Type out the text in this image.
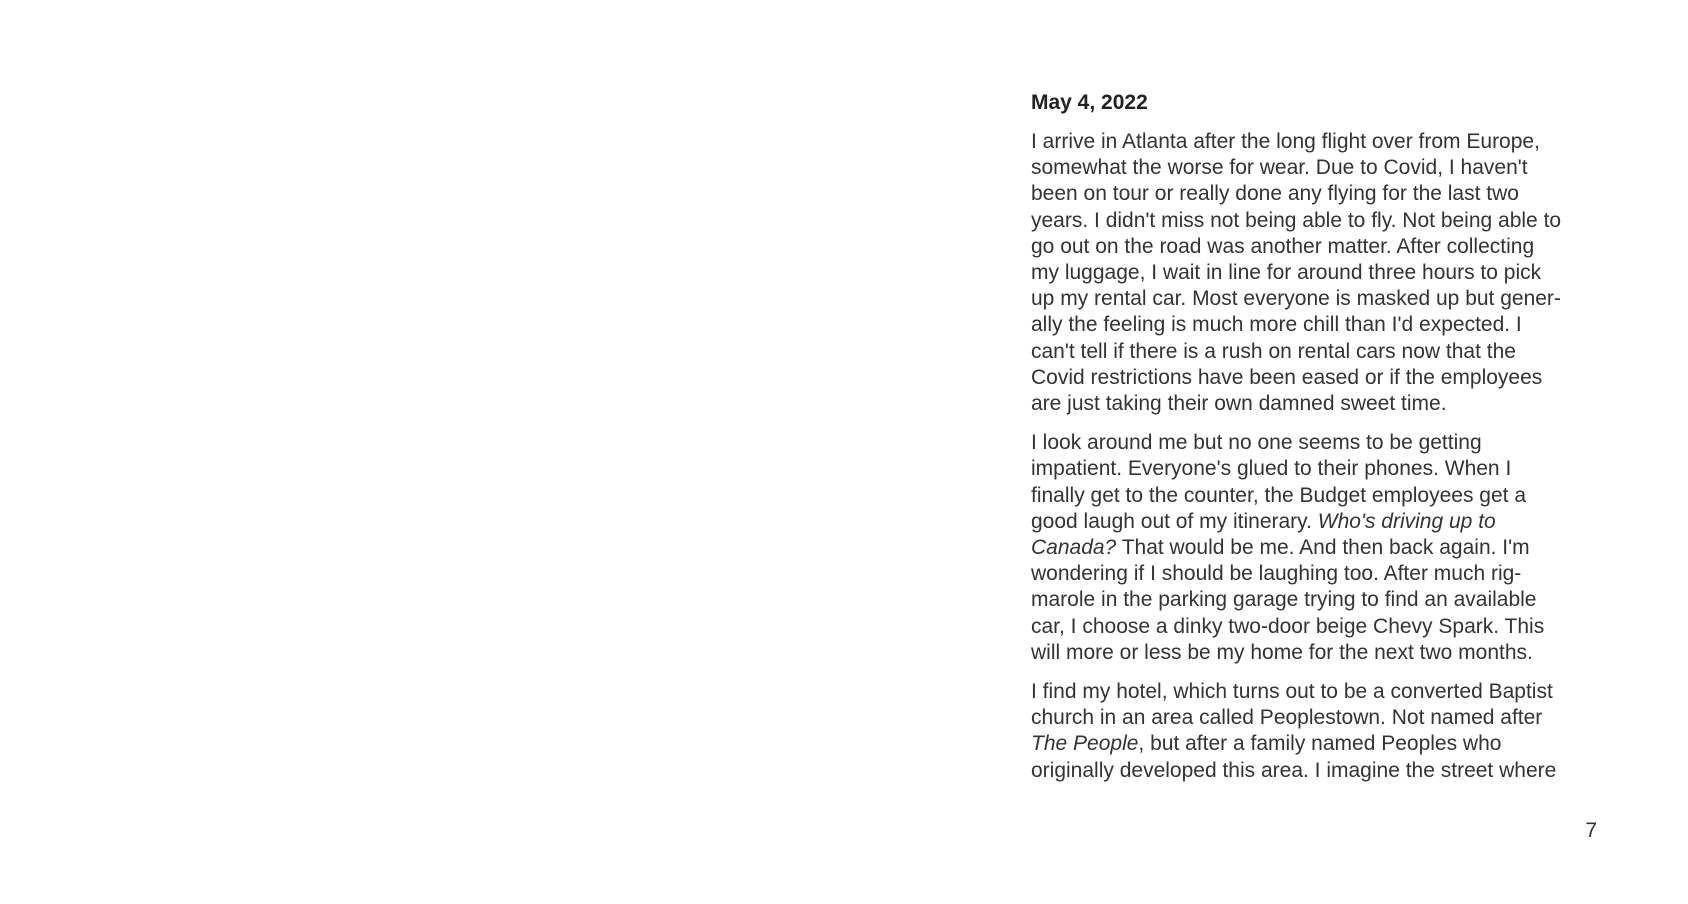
May 4, 2022

I arrive in Atlanta after the long flight over from Europe,
somewhat the worse for wear. Due to Covid, I haven't
been on tour or really done any flying for the last two
years. I didn't miss not being able to fly. Not being able to
go out on the road was another matter. After collecting
my luggage, I wait in line for around three hours to pick
up my rental car. Most everyone is masked up but gener-
ally the feeling is much more chill than I'd expected. I
can't tell if there is a rush on rental cars now that the
Covid restrictions have been eased or if the employees
are just taking their own damned sweet time.

I look around me but no one seems to be getting
impatient. Everyone's glued to their phones. When I
finally get to the counter, the Budget employees get a
good laugh out of my itinerary. Who's driving up to
Canada? That would be me. And then back again. I'm
wondering if I should be laughing too. After much rig-
marole in the parking garage trying to find an available
car, I choose a dinky two-door beige Chevy Spark. This
will more or less be my home for the next two months.

I find my hotel, which turns out to be a converted Baptist
church in an area called Peoplestown. Not named after
The People, but after a family named Peoples who
originally developed this area. I imagine the street where

7
